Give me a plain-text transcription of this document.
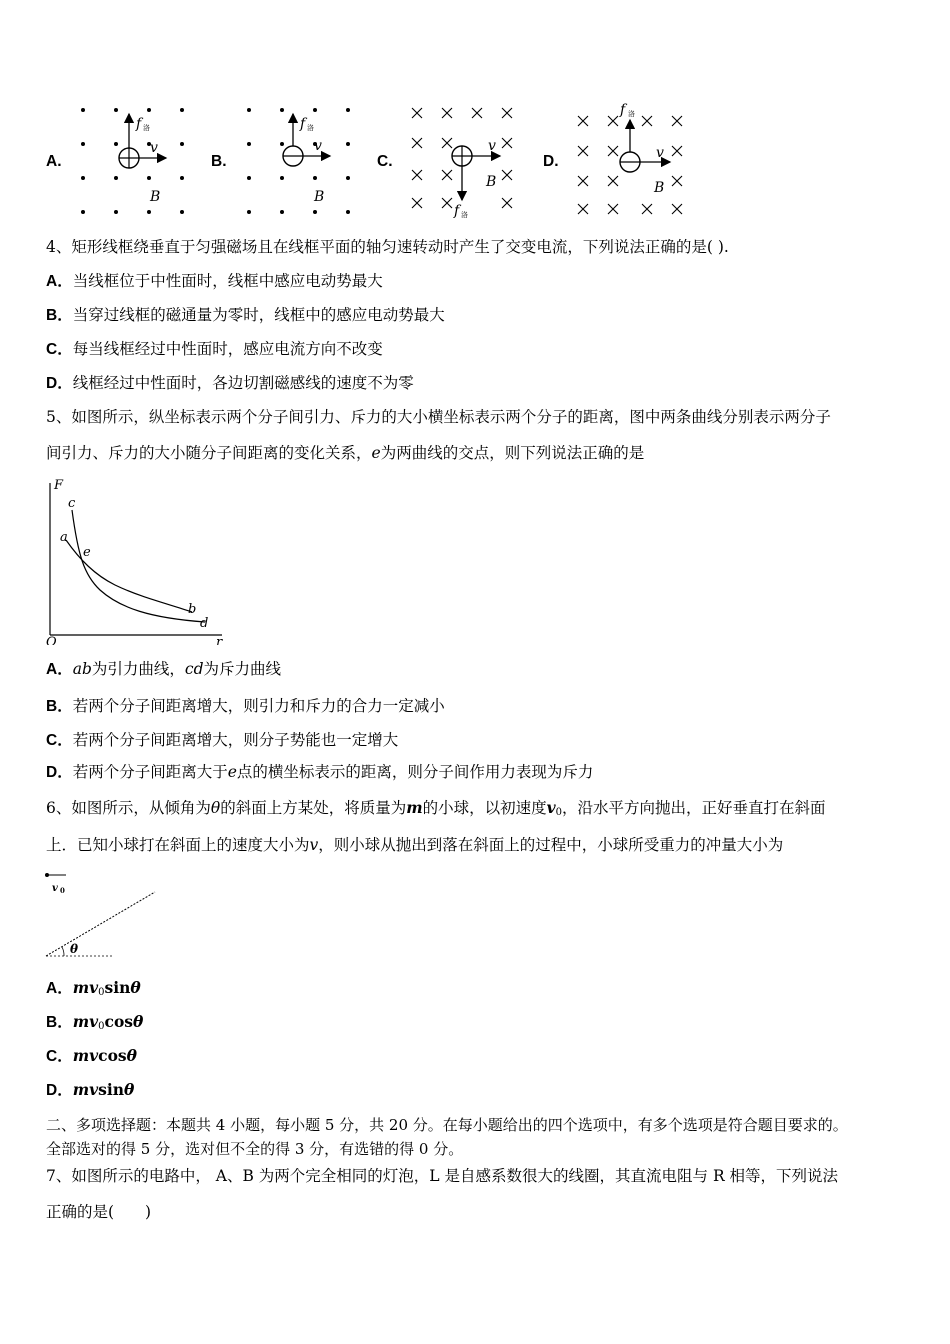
A.	B.	C.	D.
f 洛
v
B
f 洛
v
B
v
B
f 洛
f 洛
v
B
4、矩形线框绕垂直于匀强磁场且在线框平面的轴匀速转动时产生了交变电流，下列说法正确的是( ).
A．当线框位于中性面时，线框中感应电动势最大
B．当穿过线框的磁通量为零时，线框中的感应电动势最大
C．每当线框经过中性面时，感应电流方向不改变
D．线框经过中性面时，各边切割磁感线的速度不为零
5、如图所示，纵坐标表示两个分子间引力、斥力的大小横坐标表示两个分子的距离，图中两条曲线分别表示两分子
间引力、斥力的大小随分子间距离的变化关系，e为两曲线的交点，则下列说法正确的是
F
O	r
c
a
e
b
d
A．ab为引力曲线，cd为斥力曲线
B．若两个分子间距离增大，则引力和斥力的合力一定减小
C．若两个分子间距离增大，则分子势能也一定增大
D．若两个分子间距离大于e点的横坐标表示的距离，则分子间作用力表现为斥力
6、如图所示，从倾角为θ的斜面上方某处，将质量为m的小球，以初速度$v_0$，沿水平方向抛出，正好垂直打在斜面
上．已知小球打在斜面上的速度大小为v，则小球从抛出到落在斜面上的过程中，小球所受重力的冲量大小为
v 0
θ
A．$mv_0\sin\theta$
B．$mv_0\cos\theta$
C．mvcosθ
D．mvsinθ
二、多项选择题：本题共 4 小题，每小题 5 分，共 20 分。在每小题给出的四个选项中，有多个选项是符合题目要求的。
全部选对的得 5 分，选对但不全的得 3 分，有选错的得 0 分。
7、如图所示的电路中， A、B 为两个完全相同的灯泡，L 是自感系数很大的线圈，其直流电阻与 R 相等，下列说法
正确的是(　　)
